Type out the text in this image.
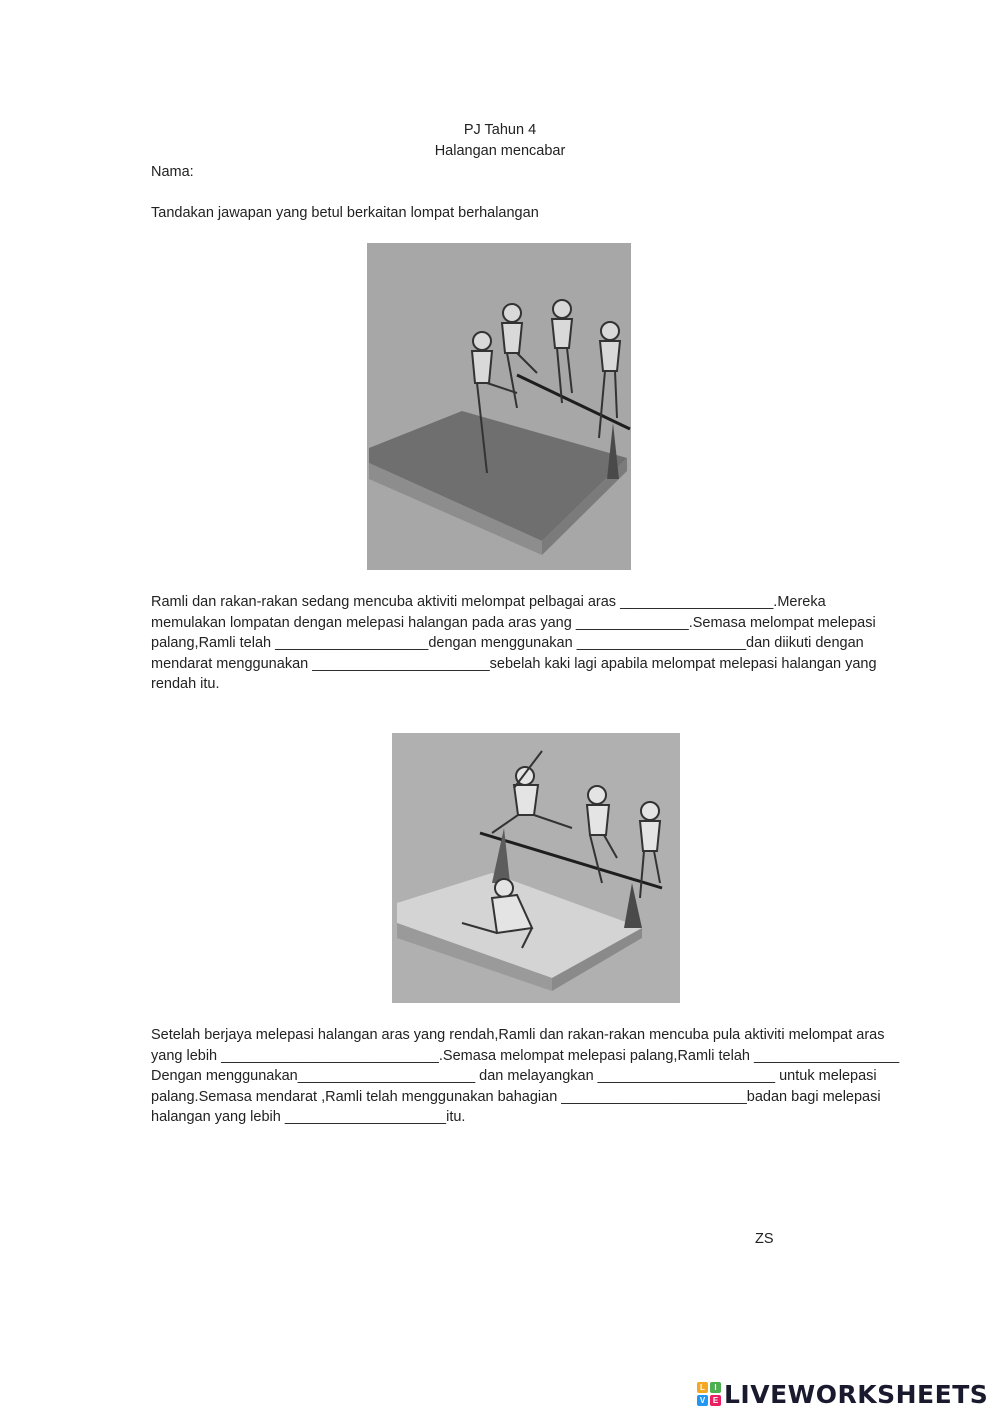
PJ Tahun 4
Halangan mencabar
Nama:
Tandakan jawapan yang betul berkaitan lompat berhalangan
Ramli dan rakan-rakan sedang mencuba aktiviti melompat pelbagai aras ___________________.Mereka
memulakan lompatan dengan melepasi halangan pada aras yang ______________.Semasa melompat melepasi
palang,Ramli telah ___________________dengan menggunakan _____________________dan diikuti dengan
mendarat menggunakan ______________________sebelah kaki lagi apabila melompat melepasi halangan yang
rendah itu.
Setelah berjaya melepasi halangan aras yang rendah,Ramli dan rakan-rakan mencuba pula aktiviti melompat aras
yang lebih ___________________________.Semasa melompat melepasi palang,Ramli telah __________________
Dengan menggunakan______________________ dan melayangkan ______________________ untuk melepasi
palang.Semasa mendarat ,Ramli telah menggunakan bahagian _______________________badan bagi melepasi
halangan yang lebih ____________________itu.
ZS
L	I
V E LIVEWORKSHEETS
